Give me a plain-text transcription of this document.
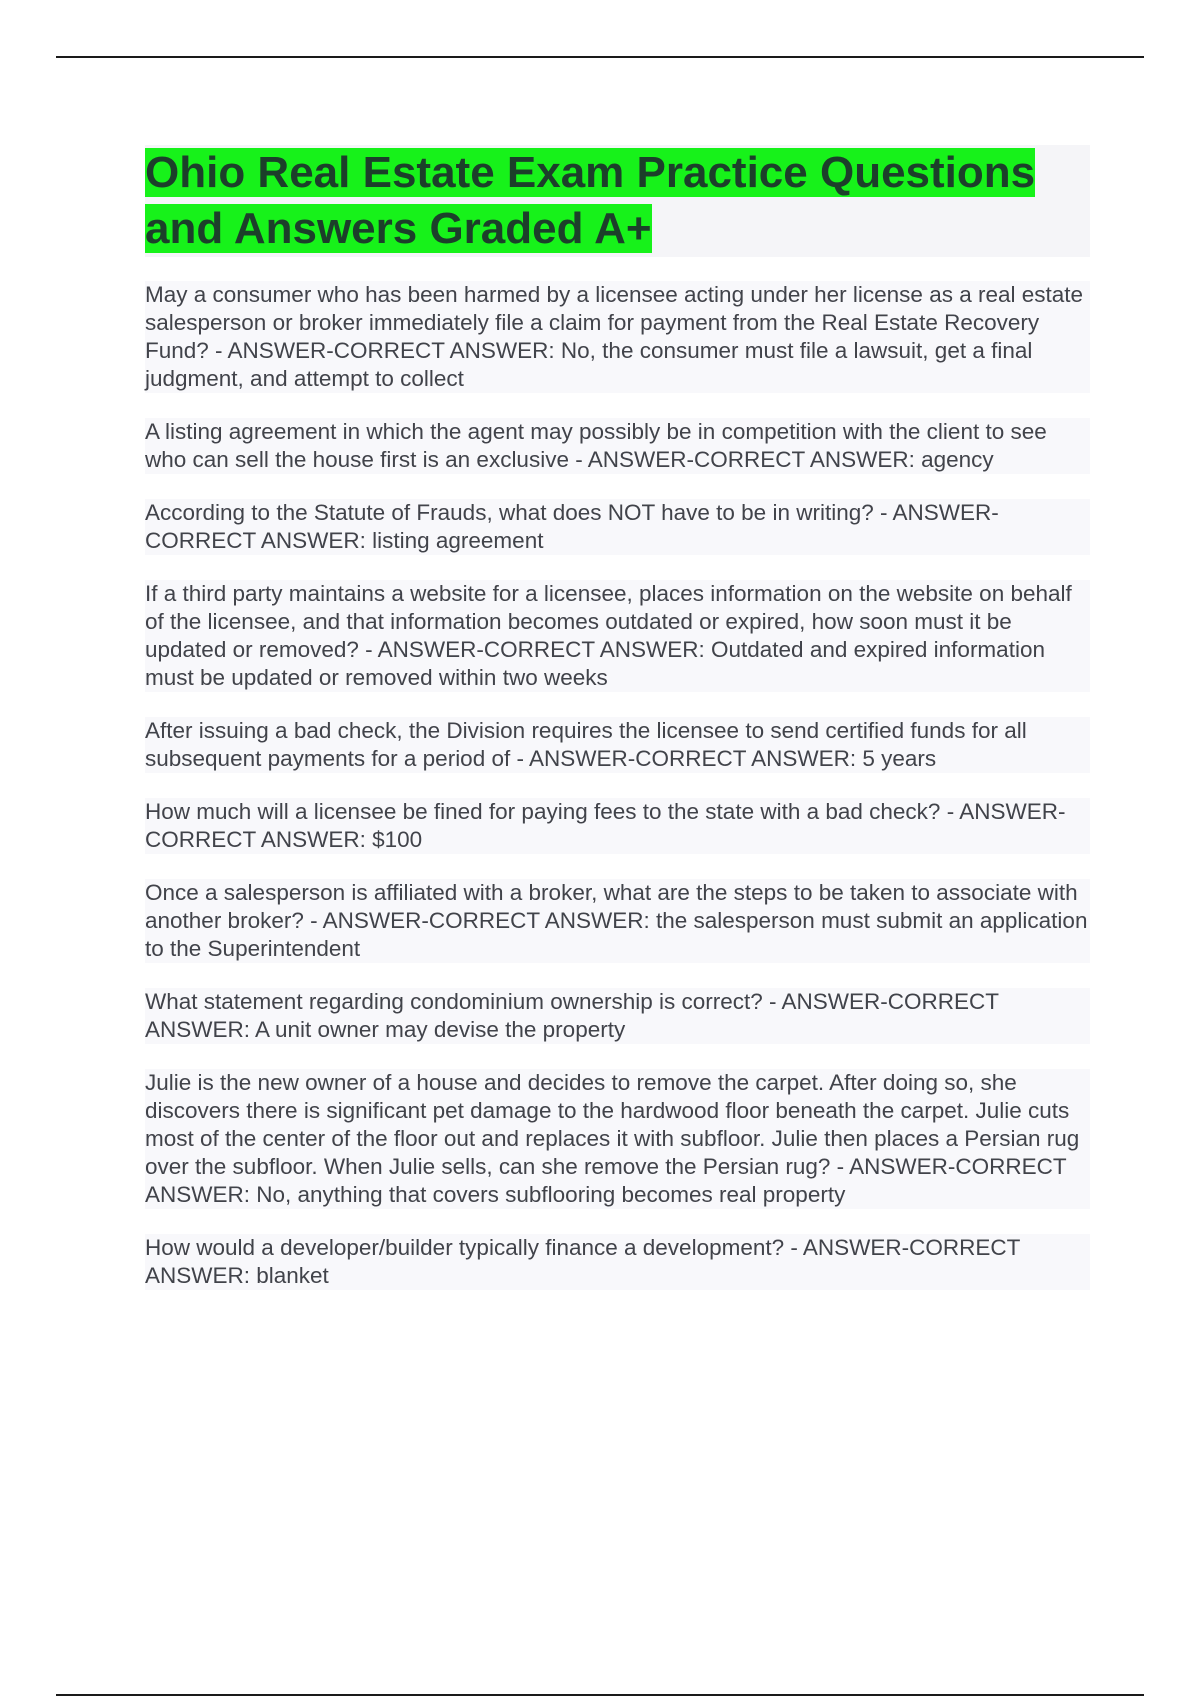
Ohio Real Estate Exam Practice Questions and Answers Graded A+

May a consumer who has been harmed by a licensee acting under her license as a real estate salesperson or broker immediately file a claim for payment from the Real Estate Recovery Fund? - ANSWER-CORRECT ANSWER: No, the consumer must file a lawsuit, get a final judgment, and attempt to collect

A listing agreement in which the agent may possibly be in competition with the client to see who can sell the house first is an exclusive - ANSWER-CORRECT ANSWER: agency

According to the Statute of Frauds, what does NOT have to be in writing? - ANSWER-CORRECT ANSWER: listing agreement

If a third party maintains a website for a licensee, places information on the website on behalf of the licensee, and that information becomes outdated or expired, how soon must it be updated or removed? - ANSWER-CORRECT ANSWER: Outdated and expired information must be updated or removed within two weeks

After issuing a bad check, the Division requires the licensee to send certified funds for all subsequent payments for a period of - ANSWER-CORRECT ANSWER: 5 years

How much will a licensee be fined for paying fees to the state with a bad check? - ANSWER-CORRECT ANSWER: $100

Once a salesperson is affiliated with a broker, what are the steps to be taken to associate with another broker? - ANSWER-CORRECT ANSWER: the salesperson must submit an application to the Superintendent

What statement regarding condominium ownership is correct? - ANSWER-CORRECT ANSWER: A unit owner may devise the property

Julie is the new owner of a house and decides to remove the carpet. After doing so, she discovers there is significant pet damage to the hardwood floor beneath the carpet. Julie cuts most of the center of the floor out and replaces it with subfloor. Julie then places a Persian rug over the subfloor. When Julie sells, can she remove the Persian rug? - ANSWER-CORRECT ANSWER: No, anything that covers subflooring becomes real property

How would a developer/builder typically finance a development? - ANSWER-CORRECT ANSWER: blanket
